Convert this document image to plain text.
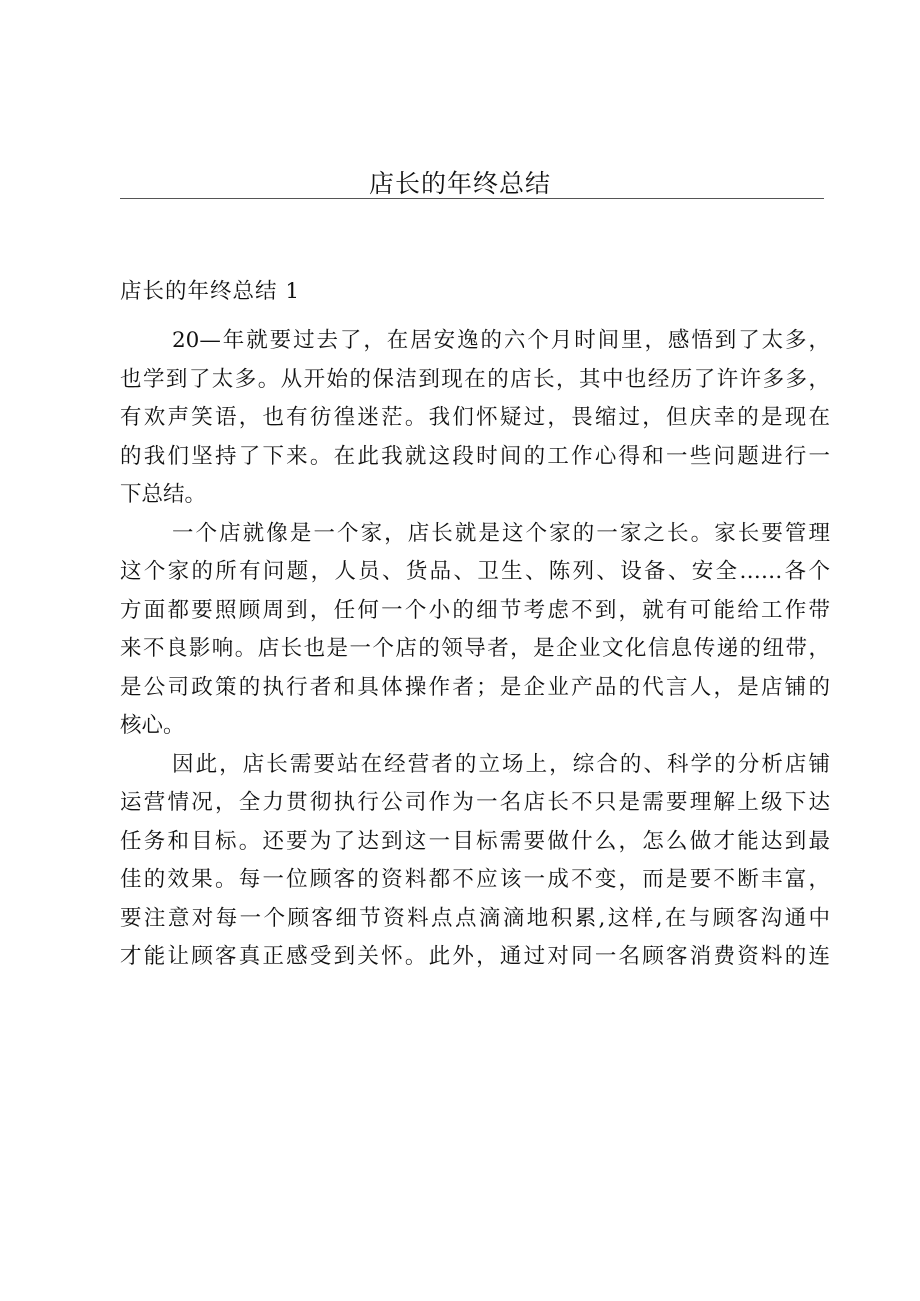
店长的年终总结
店长的年终总结 1
20—年就要过去了，在居安逸的六个月时间里，感悟到了太多，
也学到了太多。从开始的保洁到现在的店长，其中也经历了许许多多，
有欢声笑语，也有彷徨迷茫。我们怀疑过，畏缩过，但庆幸的是现在
的我们坚持了下来。在此我就这段时间的工作心得和一些问题进行一
下总结。
一个店就像是一个家，店长就是这个家的一家之长。家长要管理
这个家的所有问题，人员、货品、卫生、陈列、设备、安全……各个
方面都要照顾周到，任何一个小的细节考虑不到，就有可能给工作带
来不良影响。店长也是一个店的领导者，是企业文化信息传递的纽带，
是公司政策的执行者和具体操作者；是企业产品的代言人，是店铺的
核心。
因此，店长需要站在经营者的立场上，综合的、科学的分析店铺
运营情况，全力贯彻执行公司作为一名店长不只是需要理解上级下达
任务和目标。还要为了达到这一目标需要做什么，怎么做才能达到最
佳的效果。每一位顾客的资料都不应该一成不变，而是要不断丰富，
要注意对每一个顾客细节资料点点滴滴地积累,这样,在与顾客沟通中
才能让顾客真正感受到关怀。此外，通过对同一名顾客消费资料的连
